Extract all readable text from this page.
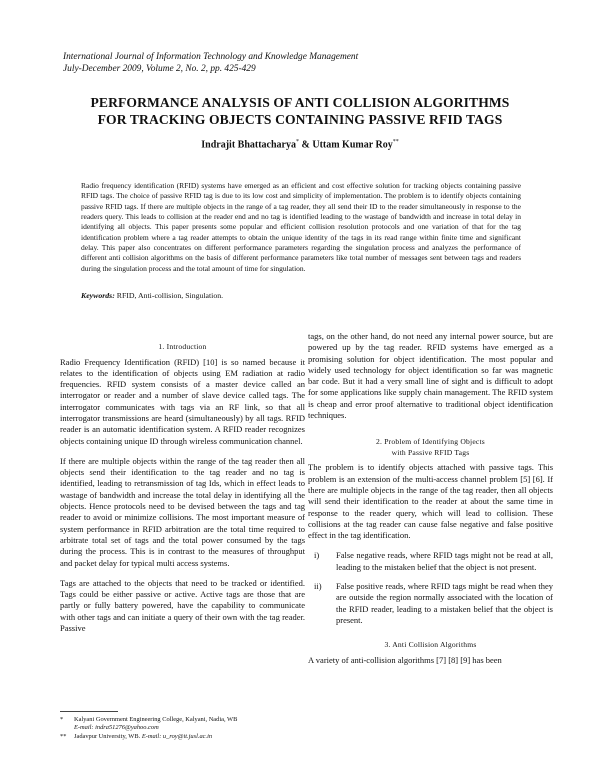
International Journal of Information Technology and Knowledge Management
July-December 2009, Volume 2, No. 2, pp. 425-429
PERFORMANCE ANALYSIS OF ANTI COLLISION ALGORITHMS
FOR TRACKING OBJECTS CONTAINING PASSIVE RFID TAGS
Indrajit Bhattacharya* & Uttam Kumar Roy**
Radio frequency identification (RFID) systems have emerged as an efficient and cost effective solution for tracking objects containing passive RFID tags. The choice of passive RFID tag is due to its low cost and simplicity of implementation. The problem is to identify objects containing passive RFID tags. If there are multiple objects in the range of a tag reader, they all send their ID to the reader simultaneously in response to the readers query. This leads to collision at the reader end and no tag is identified leading to the wastage of bandwidth and increase in total delay in identifying all objects. This paper presents some popular and efficient collision resolution protocols and one variation of that for the tag identification problem where a tag reader attempts to obtain the unique identity of the tags in its read range within finite time and significant delay. This paper also concentrates on different performance parameters regarding the singulation process and analyzes the performance of different anti collision algorithms on the basis of different performance parameters like total number of messages sent between tags and readers during the singulation process and the total amount of time for singulation.
Keywords: RFID, Anti-collision, Singulation.
1. Introduction

Radio Frequency Identification (RFID) [10] is so named because it relates to the identification of objects using EM radiation at radio frequencies. RFID system consists of a master device called an interrogator or reader and a number of slave device called tags. The interrogator communicates with tags via an RF link, so that all interrogator transmissions are heard (simultaneously) by all tags. RFID reader is an automatic identification system. A RFID reader recognizes objects containing unique ID through wireless communication channel.

If there are multiple objects within the range of the tag reader then all objects send their identification to the tag reader and no tag is identified, leading to retransmission of tag Ids, which in effect leads to wastage of bandwidth and increase the total delay in identifying all the objects. Hence protocols need to be devised between the tags and tag reader to avoid or minimize collisions. The most important measure of system performance in RFID arbitration are the total time required to arbitrate total set of tags and the total power consumed by the tags during the process. This is in contrast to the measures of throughput and packet delay for typical multi access systems.

Tags are attached to the objects that need to be tracked or identified. Tags could be either passive or active. Active tags are those that are partly or fully battery powered, have the capability to communicate with other tags and can initiate a query of their own with the tag reader. Passive

tags, on the other hand, do not need any internal power source, but are powered up by the tag reader. RFID systems have emerged as a promising solution for object identification. The most popular and widely used technology for object identification so far was magnetic bar code. But it had a very small line of sight and is difficult to adopt for some applications like supply chain management. The RFID system is cheap and error proof alternative to traditional object identification techniques.

2. Problem of Identifying Objects
with Passive RFID Tags

The problem is to identify objects attached with passive tags. This problem is an extension of the multi-access channel problem [5] [6]. If there are multiple objects in the range of the tag reader, then all objects will send their identification to the reader at about the same time in response to the reader query, which will lead to collision. These collisions at the tag reader can cause false negative and false positive effect in the tag identification.

i)	False negative reads, where RFID tags might not be read at all, leading to the mistaken belief that the object is not present.
ii)	False positive reads, where RFID tags might be read when they are outside the region normally associated with the location of the RFID reader, leading to a mistaken belief that the object is present.
3. Anti Collision Algorithms

A variety of anti-collision algorithms [7] [8] [9] has been

*	Kalyani Government Engineering College, Kalyani, Nadia, WB
E-mail: indra51276@yahoo.com
**	Jadavpur University, WB. E-mail: u_roy@it.jusl.ac.in
